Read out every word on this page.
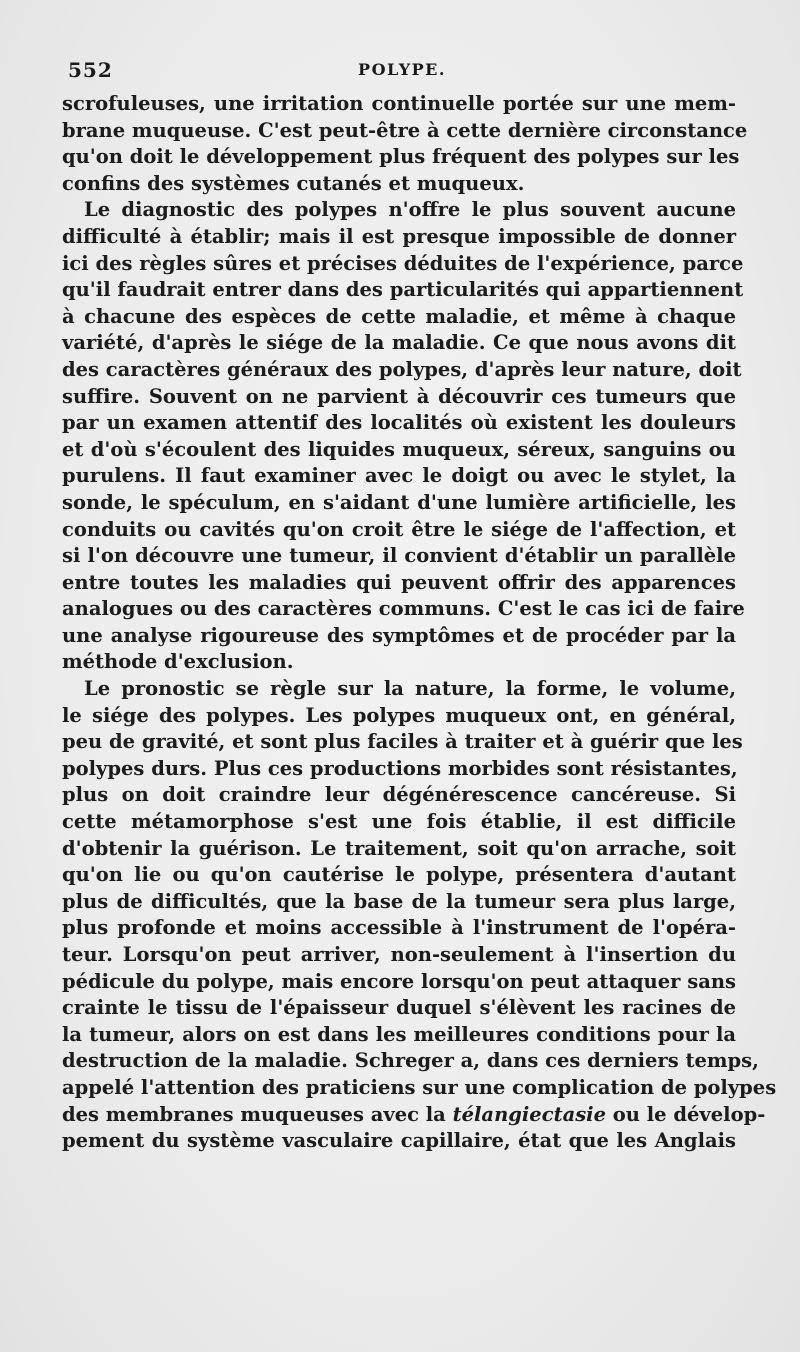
552	POLYPE.
scrofuleuses, une irritation continuelle portée sur une mem-
brane muqueuse. C'est peut-être à cette dernière circonstance
qu'on doit le développement plus fréquent des polypes sur les
confins des systèmes cutanés et muqueux.
Le diagnostic des polypes n'offre le plus souvent aucune
difficulté à établir; mais il est presque impossible de donner
ici des règles sûres et précises déduites de l'expérience, parce
qu'il faudrait entrer dans des particularités qui appartiennent
à chacune des espèces de cette maladie, et même à chaque
variété, d'après le siége de la maladie. Ce que nous avons dit
des caractères généraux des polypes, d'après leur nature, doit
suffire. Souvent on ne parvient à découvrir ces tumeurs que
par un examen attentif des localités où existent les douleurs
et d'où s'écoulent des liquides muqueux, séreux, sanguins ou
purulens. Il faut examiner avec le doigt ou avec le stylet, la
sonde, le spéculum, en s'aidant d'une lumière artificielle, les
conduits ou cavités qu'on croit être le siége de l'affection, et
si l'on découvre une tumeur, il convient d'établir un parallèle
entre toutes les maladies qui peuvent offrir des apparences
analogues ou des caractères communs. C'est le cas ici de faire
une analyse rigoureuse des symptômes et de procéder par la
méthode d'exclusion.
Le pronostic se règle sur la nature, la forme, le volume,
le siége des polypes. Les polypes muqueux ont, en général,
peu de gravité, et sont plus faciles à traiter et à guérir que les
polypes durs. Plus ces productions morbides sont résistantes,
plus on doit craindre leur dégénérescence cancéreuse. Si
cette métamorphose s'est une fois établie, il est difficile
d'obtenir la guérison. Le traitement, soit qu'on arrache, soit
qu'on lie ou qu'on cautérise le polype, présentera d'autant
plus de difficultés, que la base de la tumeur sera plus large,
plus profonde et moins accessible à l'instrument de l'opéra-
teur. Lorsqu'on peut arriver, non-seulement à l'insertion du
pédicule du polype, mais encore lorsqu'on peut attaquer sans
crainte le tissu de l'épaisseur duquel s'élèvent les racines de
la tumeur, alors on est dans les meilleures conditions pour la
destruction de la maladie. Schreger a, dans ces derniers temps,
appelé l'attention des praticiens sur une complication de polypes
des membranes muqueuses avec la télangiectasie ou le dévelop-
pement du système vasculaire capillaire, état que les Anglais
